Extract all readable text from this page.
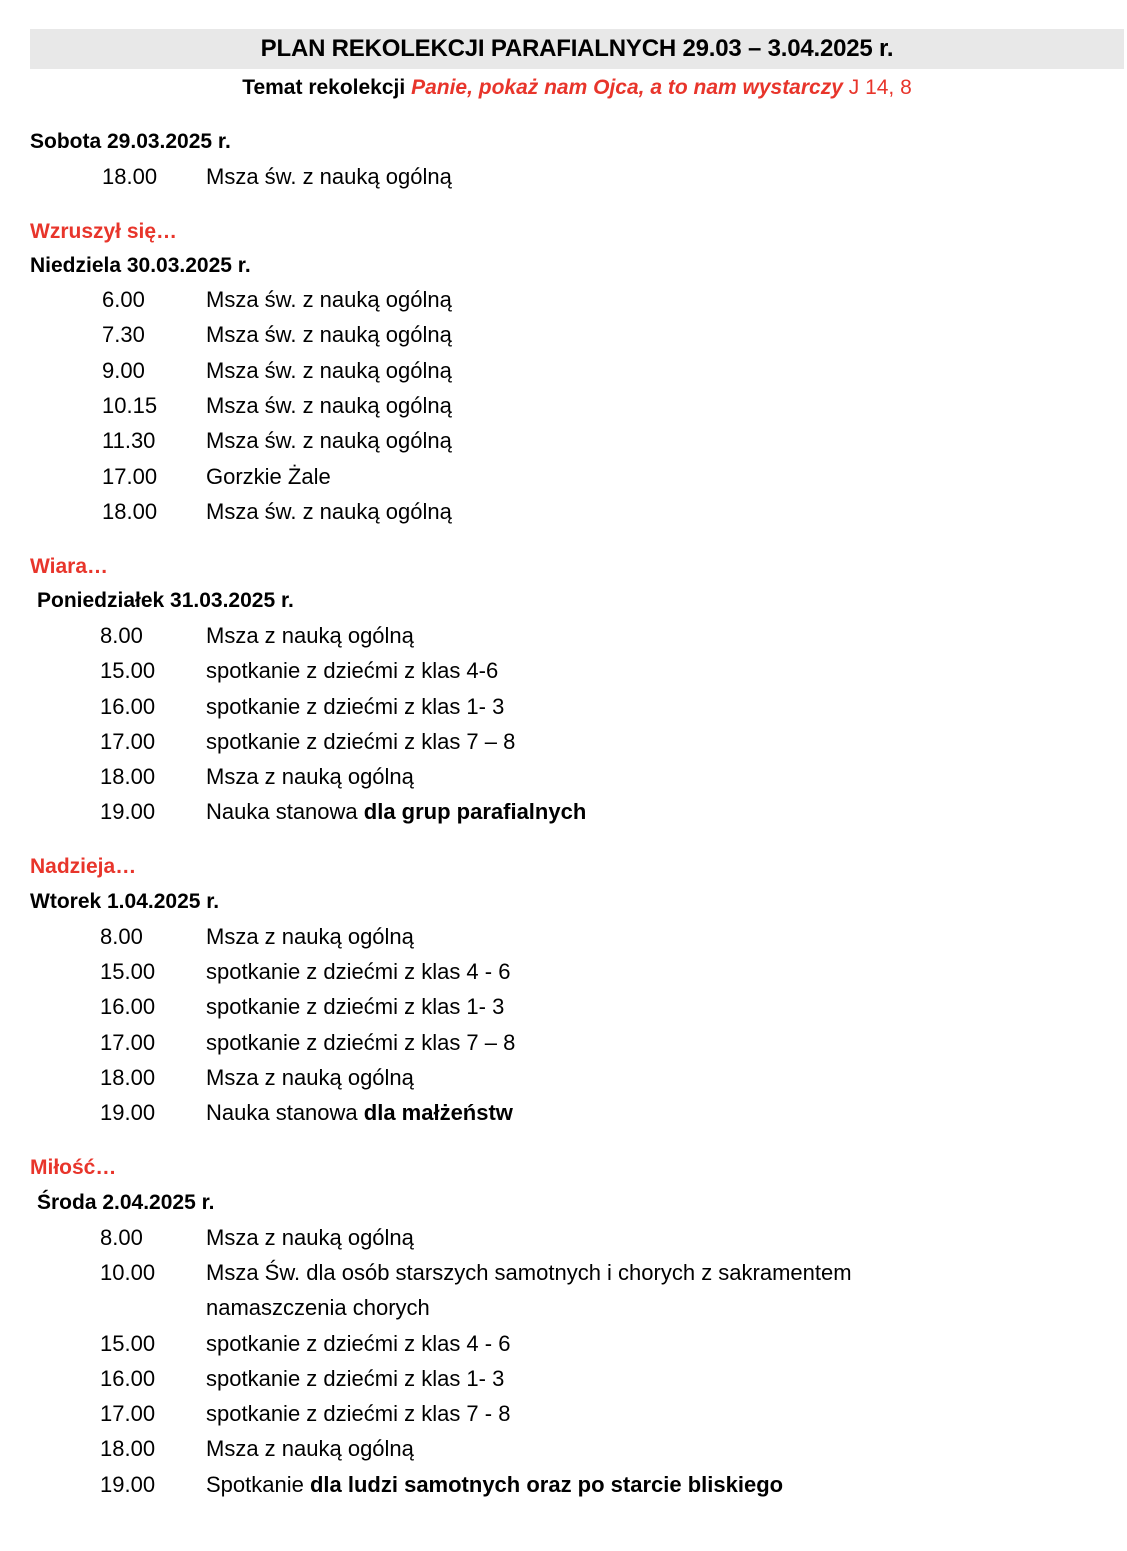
PLAN REKOLEKCJI PARAFIALNYCH 29.03 – 3.04.2025 r.
Temat rekolekcji Panie, pokaż nam Ojca, a to nam wystarczy J 14, 8
Sobota 29.03.2025 r.
18.00	Msza św. z nauką ogólną
Wzruszył się…
Niedziela 30.03.2025 r.
6.00	Msza św. z nauką ogólną
7.30	Msza św. z nauką ogólną
9.00	Msza św. z nauką ogólną
10.15	Msza św. z nauką ogólną
11.30	Msza św. z nauką ogólną
17.00	Gorzkie Żale
18.00	Msza św. z nauką ogólną
Wiara…
Poniedziałek 31.03.2025 r.
8.00	Msza z nauką ogólną
15.00	spotkanie z dziećmi z klas 4-6
16.00	spotkanie z dziećmi z klas 1- 3
17.00	spotkanie z dziećmi z klas 7 – 8
18.00	Msza z nauką ogólną
19.00	Nauka stanowa dla grup parafialnych
Nadzieja…
Wtorek 1.04.2025 r.
8.00	Msza z nauką ogólną
15.00	spotkanie z dziećmi z klas 4 - 6
16.00	spotkanie z dziećmi z klas 1- 3
17.00	spotkanie z dziećmi z klas 7 – 8
18.00	Msza z nauką ogólną
19.00	Nauka stanowa dla małżeństw
Miłość…
Środa 2.04.2025 r.
8.00	Msza z nauką ogólną
10.00	Msza Św. dla osób starszych samotnych i chorych z sakramentem
namaszczenia chorych
15.00	spotkanie z dziećmi z klas 4 - 6
16.00	spotkanie z dziećmi z klas 1- 3
17.00	spotkanie z dziećmi z klas 7 - 8
18.00	Msza z nauką ogólną
19.00	Spotkanie dla ludzi samotnych oraz po starcie bliskiego
